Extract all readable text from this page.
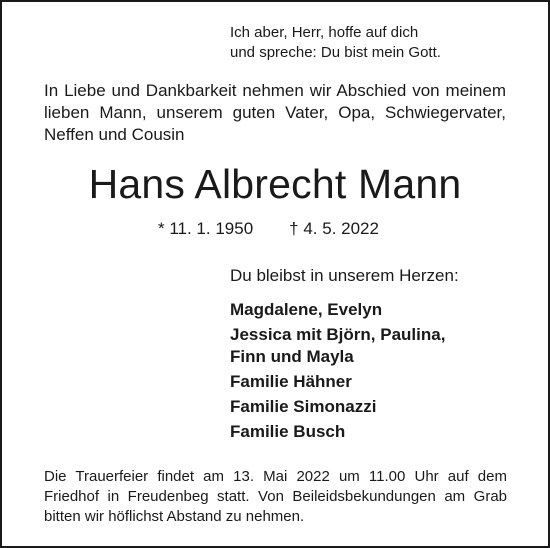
Ich aber, Herr, hoffe auf dich
und spreche: Du bist mein Gott.
In Liebe und Dankbarkeit nehmen wir Abschied von meinem lieben Mann, unserem guten Vater, Opa, Schwiegervater, Neffen und Cousin
Hans Albrecht Mann
* 11. 1. 1950 † 4. 5. 2022
Du bleibst in unserem Herzen:
Magdalene, Evelyn
Jessica mit Björn, Paulina,
Finn und Mayla
Familie Hähner
Familie Simonazzi
Familie Busch
Die Trauerfeier findet am 13. Mai 2022 um 11.00 Uhr auf dem Friedhof in Freudenbeg statt. Von Beileidsbekundungen am Grab bitten wir höflichst Abstand zu nehmen.
